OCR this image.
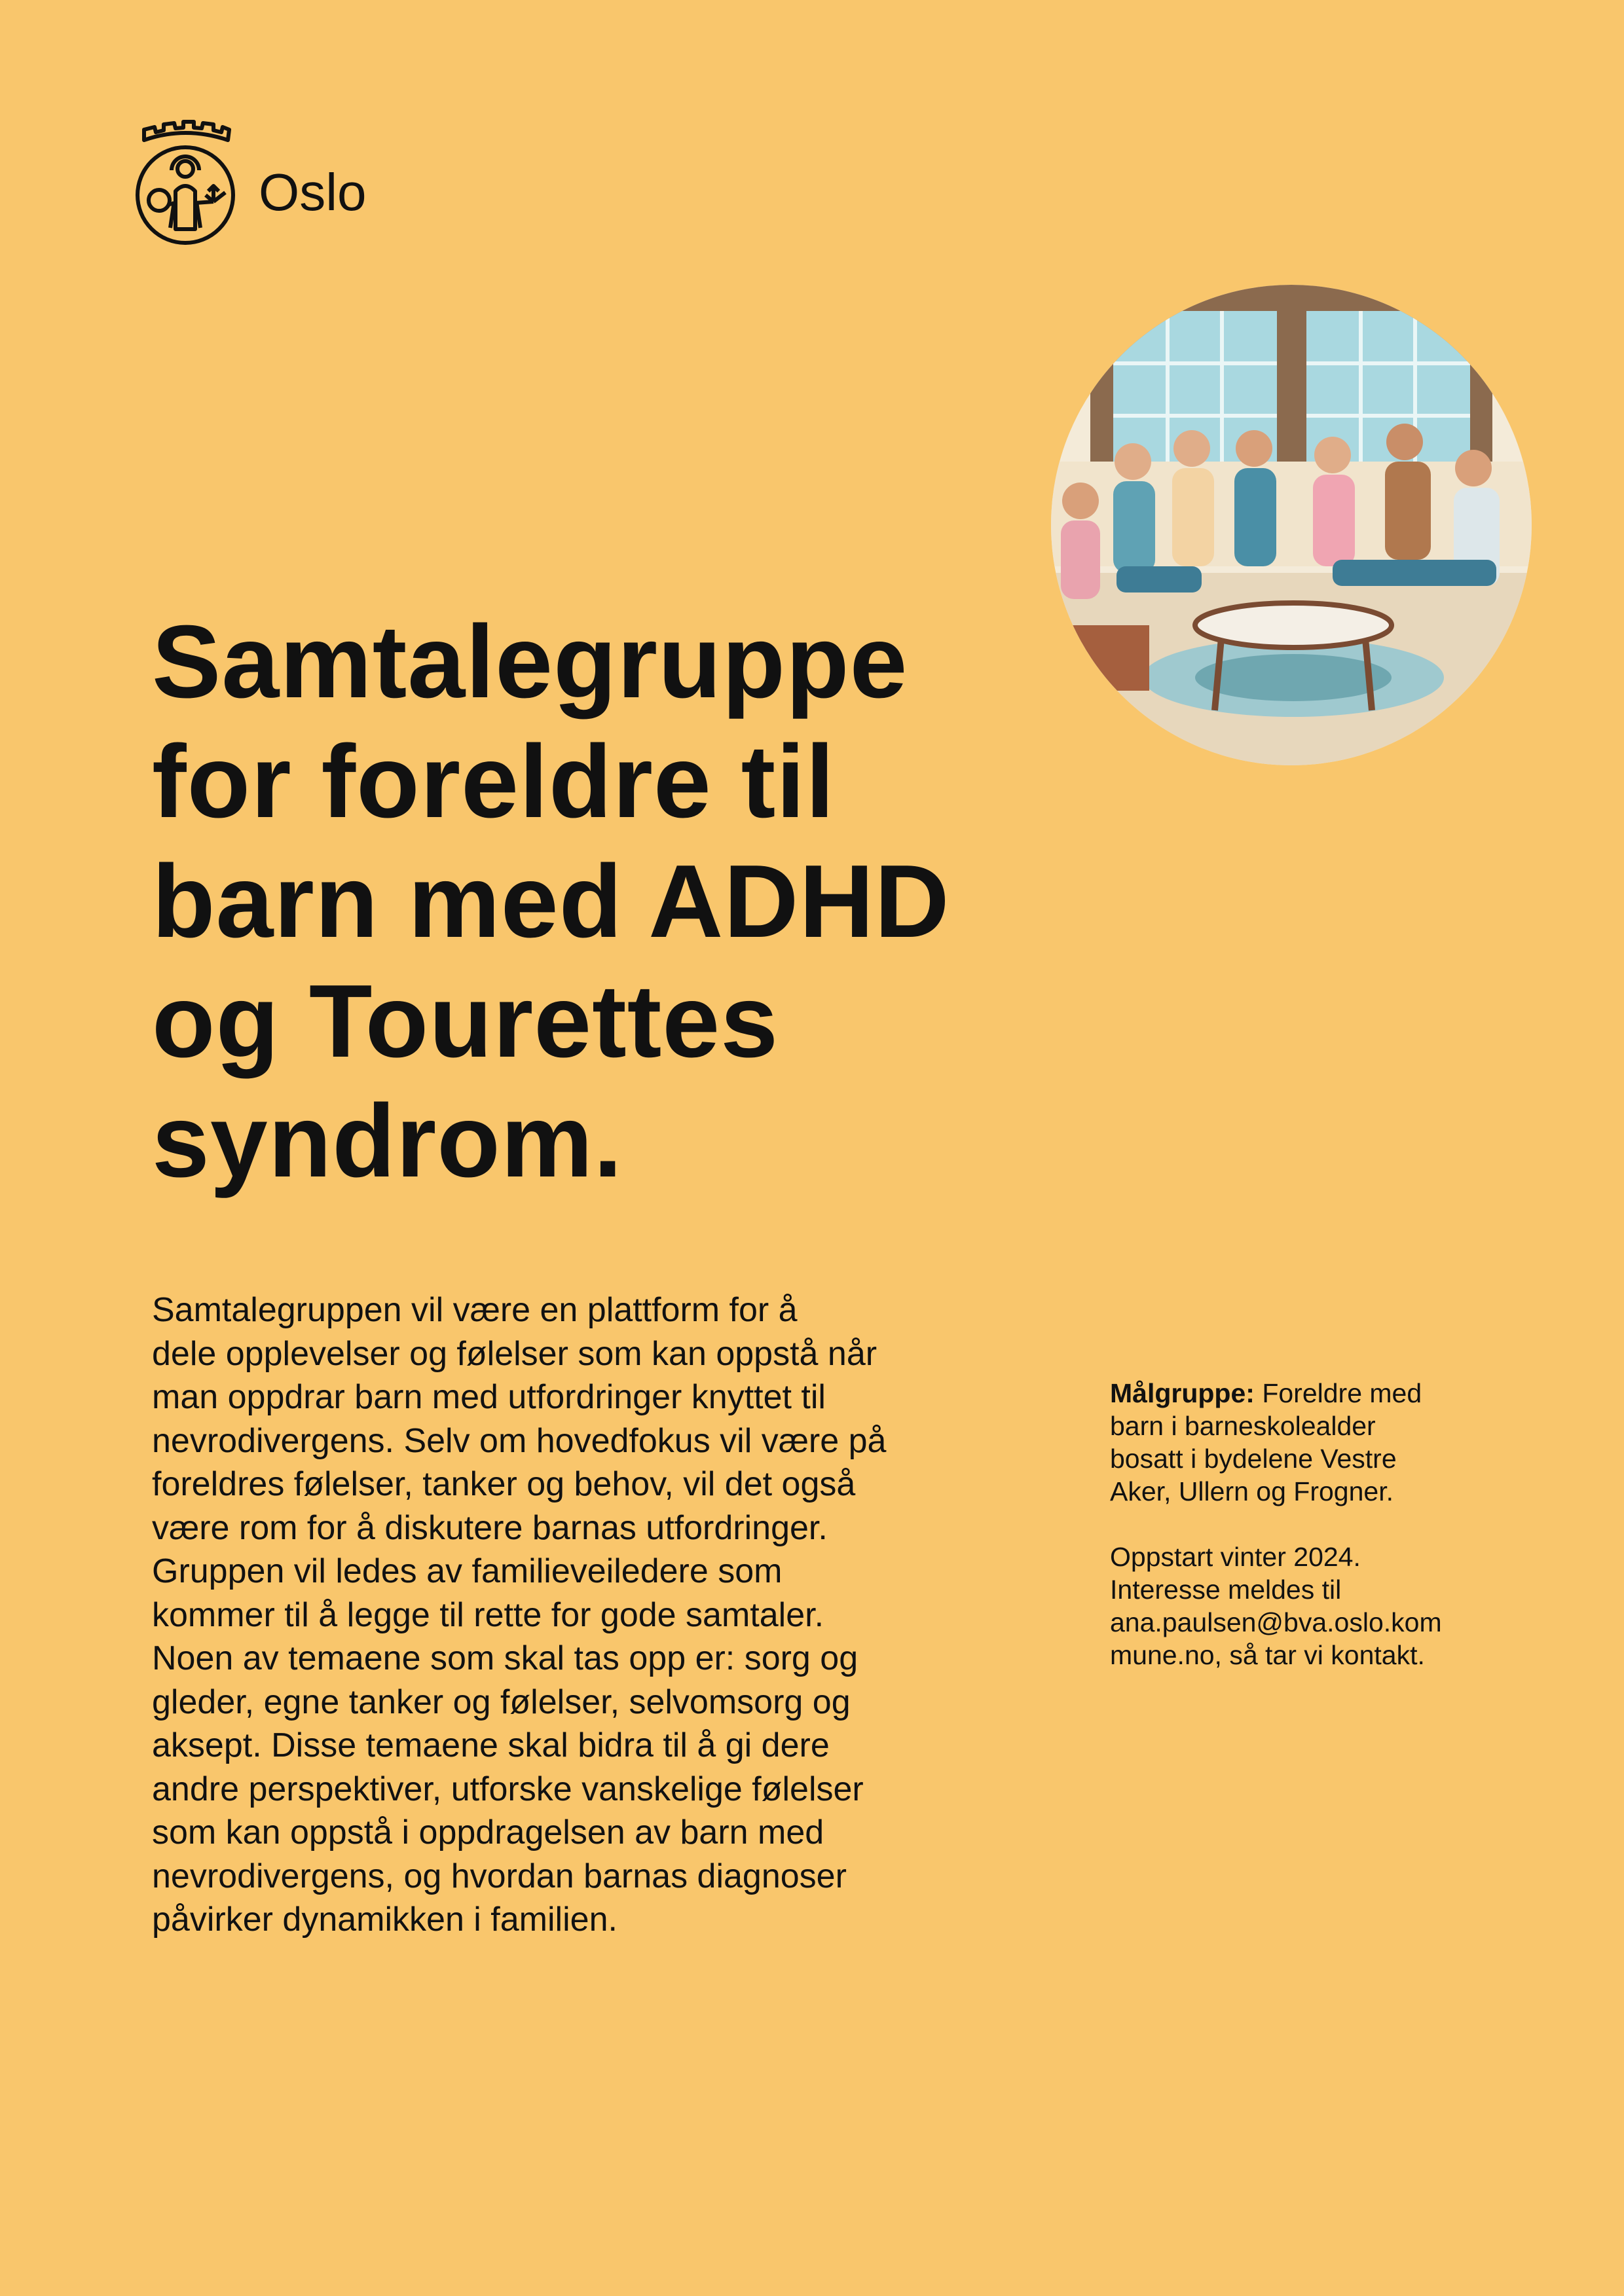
Oslo
Samtalegruppe
for foreldre til
barn med ADHD
og Tourettes
syndrom.
Samtalegruppen vil være en plattform for å
dele opplevelser og følelser som kan oppstå når
man oppdrar barn med utfordringer knyttet til
nevrodivergens. Selv om hovedfokus vil være på
foreldres følelser, tanker og behov, vil det også
være rom for å diskutere barnas utfordringer.
Gruppen vil ledes av familieveiledere som
kommer til å legge til rette for gode samtaler.
Noen av temaene som skal tas opp er: sorg og
gleder, egne tanker og følelser, selvomsorg og
aksept. Disse temaene skal bidra til å gi dere
andre perspektiver, utforske vanskelige følelser
som kan oppstå i oppdragelsen av barn med
nevrodivergens, og hvordan barnas diagnoser
påvirker dynamikken i familien.
Målgruppe: Foreldre med
barn i barneskolealder
bosatt i bydelene Vestre
Aker, Ullern og Frogner.
Oppstart vinter 2024.
Interesse meldes til
ana.paulsen@bva.oslo.kom
mune.no, så tar vi kontakt.
